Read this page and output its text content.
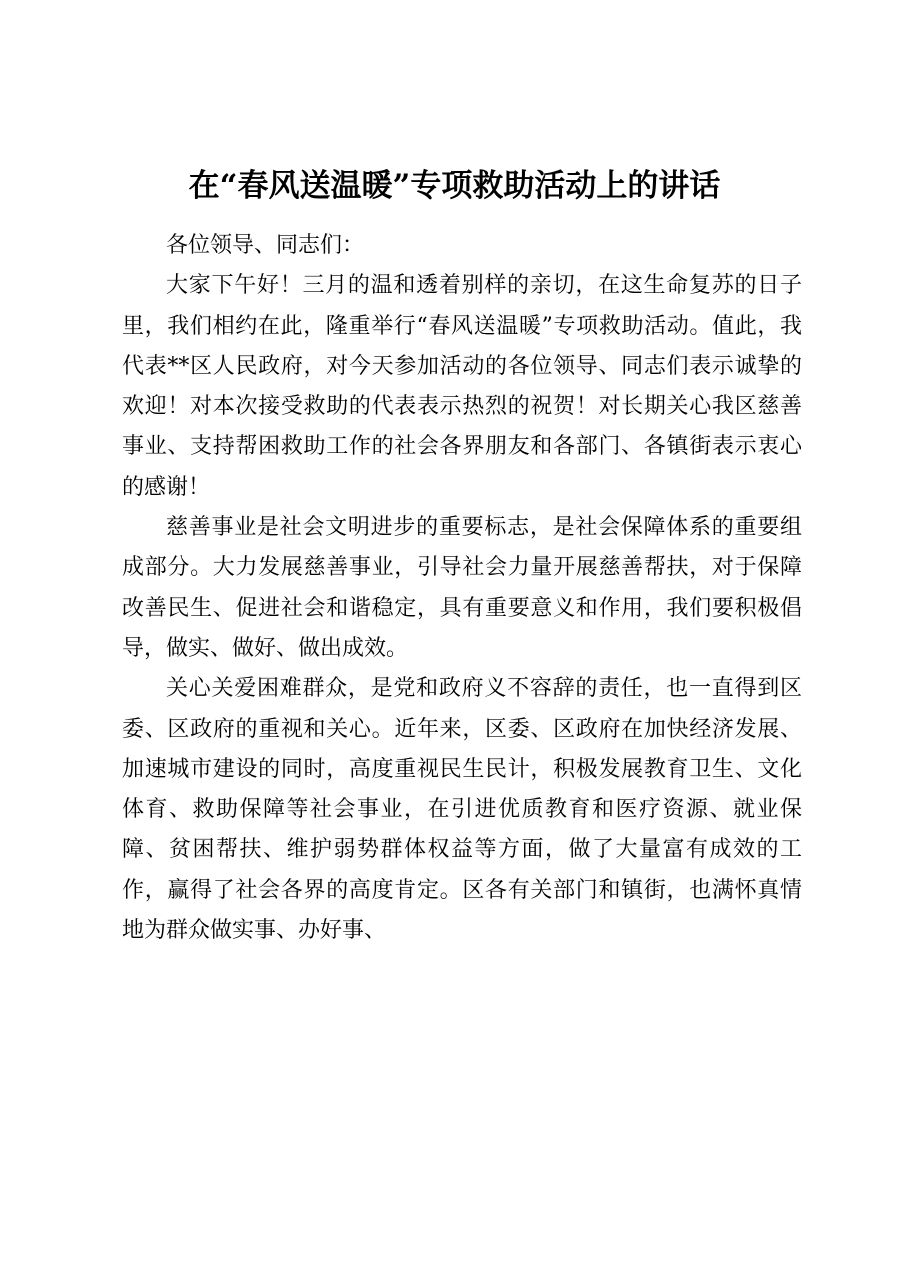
在“春风送温暖”专项救助活动上的讲话

各位领导、同志们：

大家下午好！三月的温和透着别样的亲切，在这生命复苏的日子里，我们相约在此，隆重举行“春风送温暖”专项救助活动。值此，我代表**区人民政府，对今天参加活动的各位领导、同志们表示诚挚的欢迎！对本次接受救助的代表表示热烈的祝贺！对长期关心我区慈善事业、支持帮困救助工作的社会各界朋友和各部门、各镇街表示衷心的感谢！

慈善事业是社会文明进步的重要标志，是社会保障体系的重要组成部分。大力发展慈善事业，引导社会力量开展慈善帮扶，对于保障改善民生、促进社会和谐稳定，具有重要意义和作用，我们要积极倡导，做实、做好、做出成效。

关心关爱困难群众，是党和政府义不容辞的责任，也一直得到区委、区政府的重视和关心。近年来，区委、区政府在加快经济发展、加速城市建设的同时，高度重视民生民计，积极发展教育卫生、文化体育、救助保障等社会事业，在引进优质教育和医疗资源、就业保障、贫困帮扶、维护弱势群体权益等方面，做了大量富有成效的工作，赢得了社会各界的高度肯定。区各有关部门和镇街，也满怀真情地为群众做实事、办好事、
